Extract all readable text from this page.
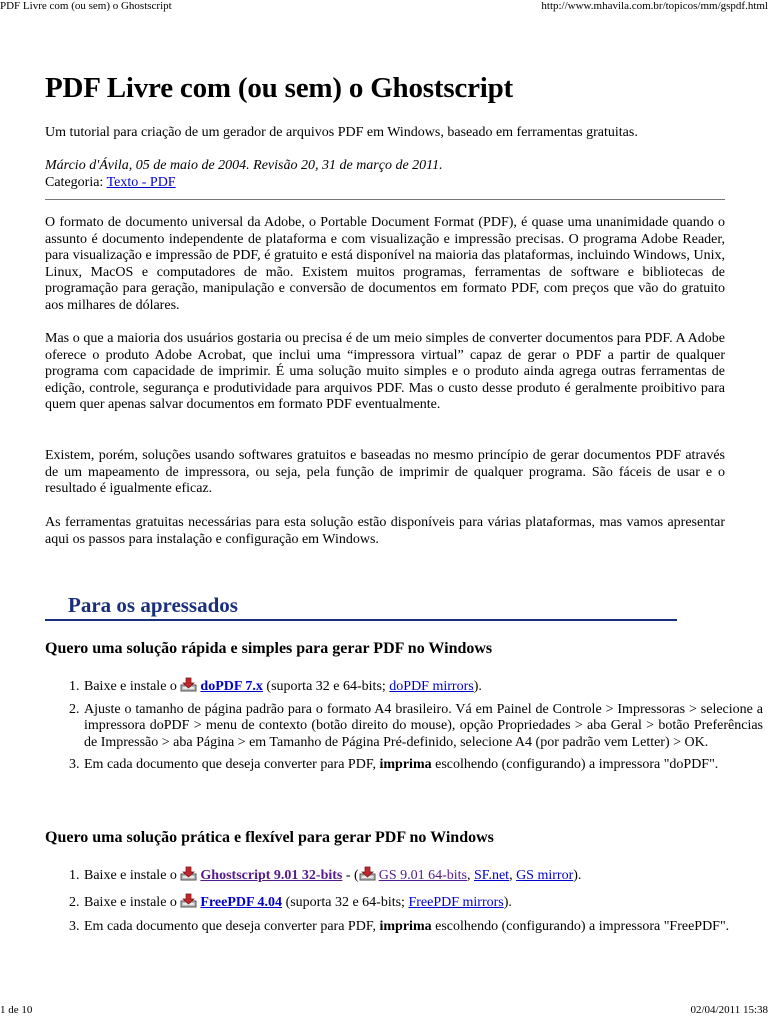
PDF Livre com (ou sem) o Ghostscript	http://www.mhavila.com.br/topicos/mm/gspdf.html
PDF Livre com (ou sem) o Ghostscript

Um tutorial para criação de um gerador de arquivos PDF em Windows, baseado em ferramentas gratuitas.

Márcio d'Ávila, 05 de maio de 2004. Revisão 20, 31 de março de 2011.
Categoria: Texto - PDF

O formato de documento universal da Adobe, o Portable Document Format (PDF), é quase uma unanimidade quando o assunto é documento independente de plataforma e com visualização e impressão precisas. O programa Adobe Reader, para visualização e impressão de PDF, é gratuito e está disponível na maioria das plataformas, incluindo Windows, Unix, Linux, MacOS e computadores de mão. Existem muitos programas, ferramentas de software e bibliotecas de programação para geração, manipulação e conversão de documentos em formato PDF, com preços que vão do gratuito aos milhares de dólares.

Mas o que a maioria dos usuários gostaria ou precisa é de um meio simples de converter documentos para PDF. A Adobe oferece o produto Adobe Acrobat, que inclui uma “impressora virtual” capaz de gerar o PDF a partir de qualquer programa com capacidade de imprimir. É uma solução muito simples e o produto ainda agrega outras ferramentas de edição, controle, segurança e produtividade para arquivos PDF. Mas o custo desse produto é geralmente proibitivo para quem quer apenas salvar documentos em formato PDF eventualmente.

Existem, porém, soluções usando softwares gratuitos e baseadas no mesmo princípio de gerar documentos PDF através de um mapeamento de impressora, ou seja, pela função de imprimir de qualquer programa. São fáceis de usar e o resultado é igualmente eficaz.

As ferramentas gratuitas necessárias para esta solução estão disponíveis para várias plataformas, mas vamos apresentar aqui os passos para instalação e configuração em Windows.

Para os apressados
Quero uma solução rápida e simples para gerar PDF no Windows
1. Baixe e instale o doPDF 7.x (suporta 32 e 64-bits; doPDF mirrors).
2. Ajuste o tamanho de página padrão para o formato A4 brasileiro. Vá em Painel de Controle > Impressoras > selecione a impressora doPDF > menu de contexto (botão direito do mouse), opção Propriedades > aba Geral > botão Preferências de Impressão > aba Página > em Tamanho de Página Pré-definido, selecione A4 (por padrão vem Letter) > OK.
3. Em cada documento que deseja converter para PDF, imprima escolhendo (configurando) a impressora "doPDF".
Quero uma solução prática e flexível para gerar PDF no Windows
1. Baixe e instale o Ghostscript 9.01 32-bits - ( GS 9.01 64-bits, SF.net, GS mirror).
2. Baixe e instale o FreePDF 4.04 (suporta 32 e 64-bits; FreePDF mirrors).
3. Em cada documento que deseja converter para PDF, imprima escolhendo (configurando) a impressora "FreePDF".
1 de 10	02/04/2011 15:38
